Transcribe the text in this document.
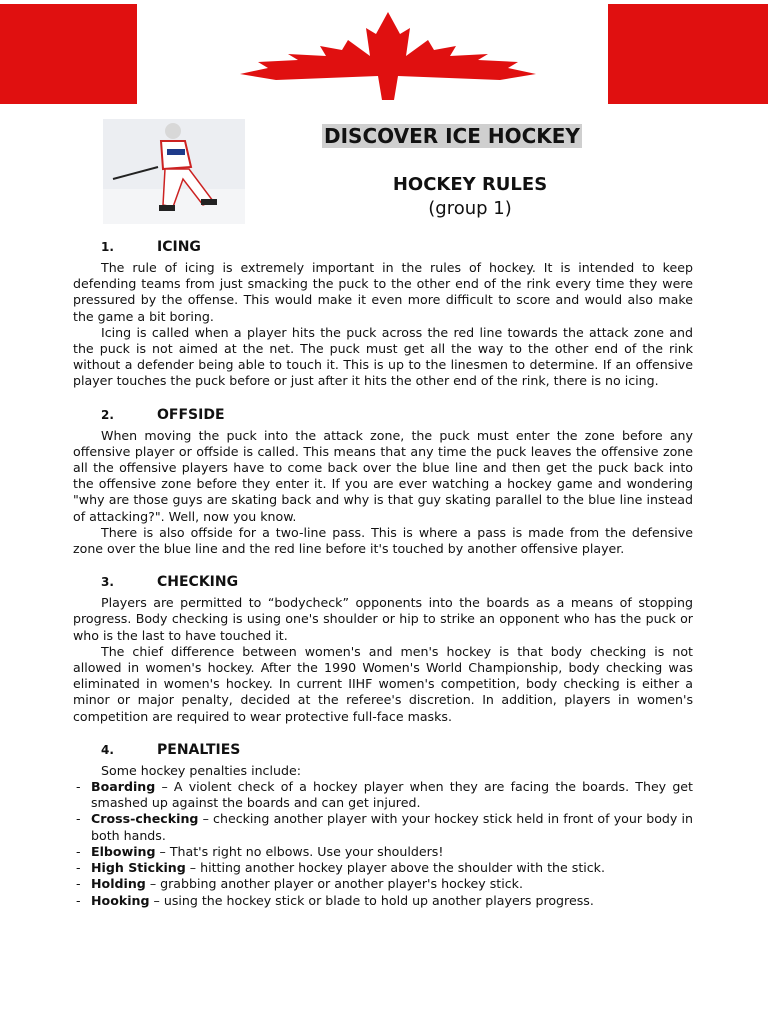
DISCOVER ICE HOCKEY
HOCKEY RULES
(group 1)
1.	ICING

The rule of icing is extremely important in the rules of hockey. It is intended to keep defending teams from just smacking the puck to the other end of the rink every time they were pressured by the offense. This would make it even more difficult to score and would also make the game a bit boring.

Icing is called when a player hits the puck across the red line towards the attack zone and the puck is not aimed at the net. The puck must get all the way to the other end of the rink without a defender being able to touch it. This is up to the linesmen to determine. If an offensive player touches the puck before or just after it hits the other end of the rink, there is no icing.

2.	OFFSIDE

When moving the puck into the attack zone, the puck must enter the zone before any offensive player or offside is called. This means that any time the puck leaves the offensive zone all the offensive players have to come back over the blue line and then get the puck back into the offensive zone before they enter it. If you are ever watching a hockey game and wondering "why are those guys are skating back and why is that guy skating parallel to the blue line instead of attacking?". Well, now you know.

There is also offside for a two-line pass. This is where a pass is made from the defensive zone over the blue line and the red line before it's touched by another offensive player.

3.	CHECKING

Players are permitted to “bodycheck” opponents into the boards as a means of stopping progress. Body checking is using one's shoulder or hip to strike an opponent who has the puck or who is the last to have touched it.

The chief difference between women's and men's hockey is that body checking is not allowed in women's hockey. After the 1990 Women's World Championship, body checking was eliminated in women's hockey. In current IIHF women's competition, body checking is either a minor or major penalty, decided at the referee's discretion. In addition, players in women's competition are required to wear protective full-face masks.

4.	PENALTIES

Some hockey penalties include:

- Boarding – A violent check of a hockey player when they are facing the boards. They get smashed up against the boards and can get injured.
- Cross-checking – checking another player with your hockey stick held in front of your body in both hands.
- Elbowing – That's right no elbows. Use your shoulders!
- High Sticking – hitting another hockey player above the shoulder with the stick.
- Holding – grabbing another player or another player's hockey stick.
- Hooking – using the hockey stick or blade to hold up another players progress.
